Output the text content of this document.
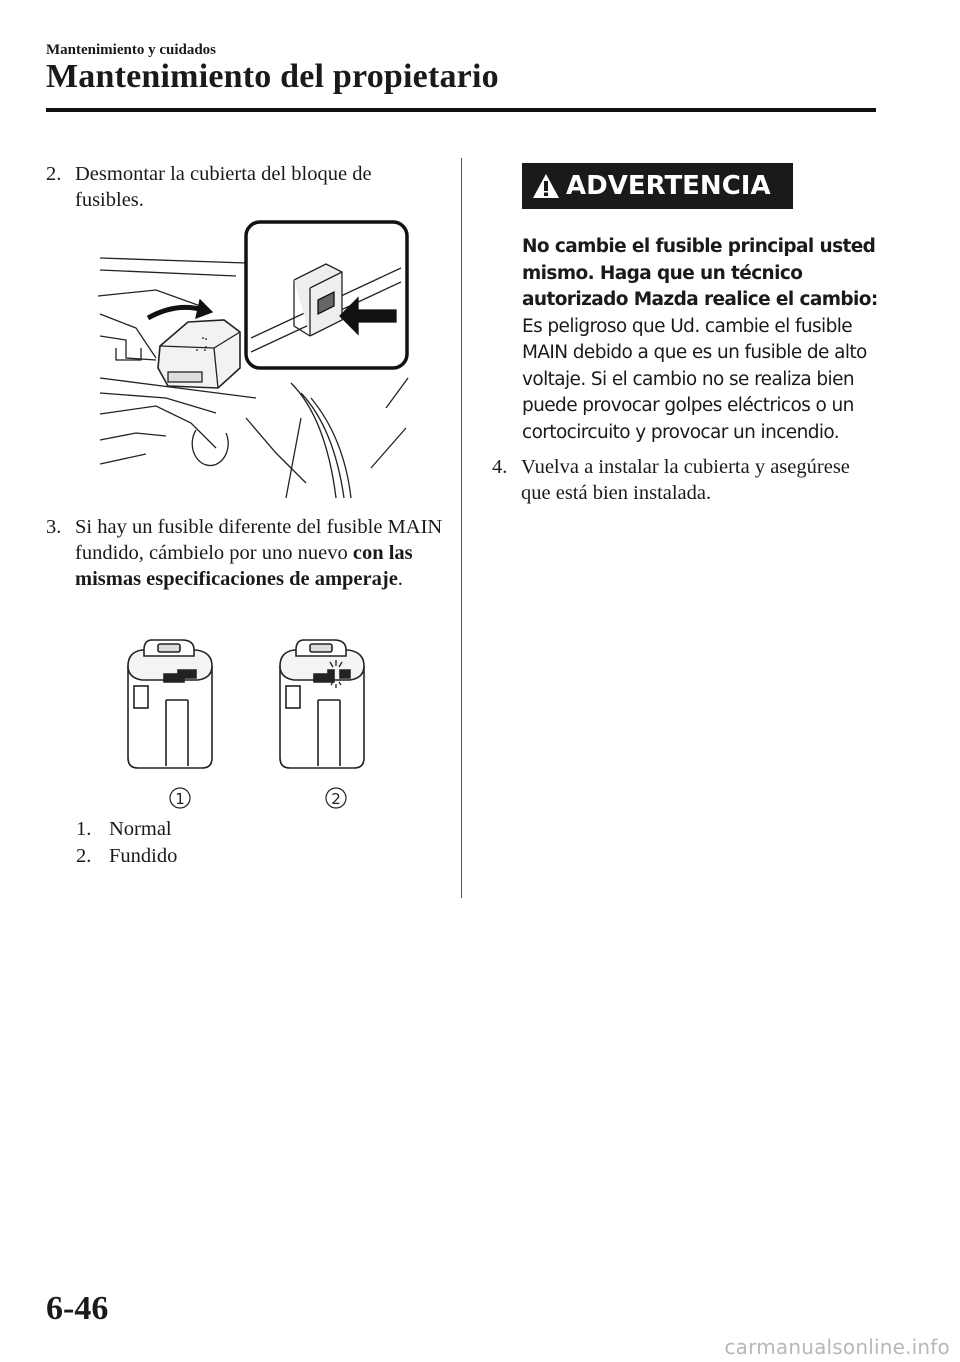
Mantenimiento y cuidados
Mantenimiento del propietario
2. Desmontar la cubierta del bloque de fusibles.
3. Si hay un fusible diferente del fusible MAIN fundido, cámbielo por uno nuevo con las mismas especificaciones de amperaje.
1	2
1. Normal
2. Fundido
ADVERTENCIA
No cambie el fusible principal usted
mismo. Haga que un técnico
autorizado Mazda realice el cambio:
Es peligroso que Ud. cambie el fusible
MAIN debido a que es un fusible de alto
voltaje. Si el cambio no se realiza bien
puede provocar golpes eléctricos o un
cortocircuito y provocar un incendio.
4. Vuelva a instalar la cubierta y asegúrese que está bien instalada.
6-46
carmanualsonline.info
